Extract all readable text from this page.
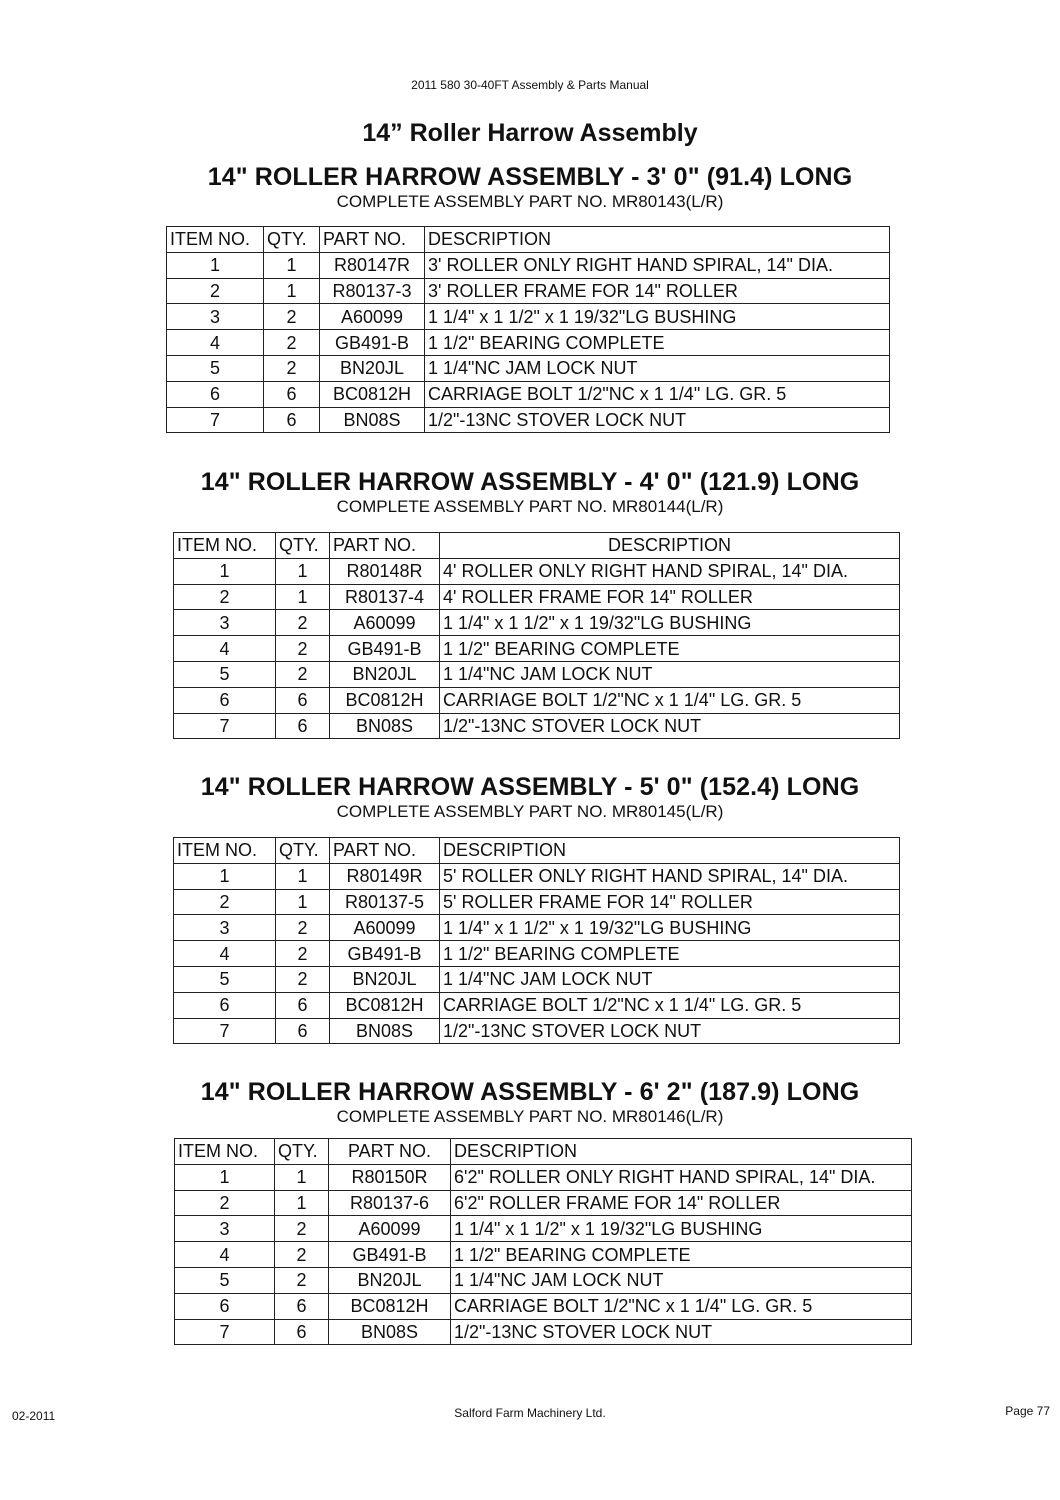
2011 580 30-40FT Assembly & Parts Manual
14” Roller Harrow Assembly
14" ROLLER HARROW ASSEMBLY - 3' 0" (91.4) LONG
COMPLETE ASSEMBLY PART NO. MR80143(L/R)
ITEM NO.	QTY.	PART NO.	DESCRIPTION
1	1	R80147R	3' ROLLER ONLY RIGHT HAND SPIRAL, 14" DIA.
2	1	R80137-3	3' ROLLER FRAME FOR 14" ROLLER
3	2	A60099	1 1/4" x 1 1/2" x 1 19/32"LG BUSHING
4	2	GB491-B	1 1/2" BEARING COMPLETE
5	2	BN20JL	1 1/4"NC JAM LOCK NUT
6	6	BC0812H	CARRIAGE BOLT 1/2"NC x 1 1/4" LG. GR. 5
7	6	BN08S	1/2"-13NC STOVER LOCK NUT
14" ROLLER HARROW ASSEMBLY - 4' 0" (121.9) LONG
COMPLETE ASSEMBLY PART NO. MR80144(L/R)
ITEM NO.	QTY.	PART NO.	DESCRIPTION
1	1	R80148R	4' ROLLER ONLY RIGHT HAND SPIRAL, 14" DIA.
2	1	R80137-4	4' ROLLER FRAME FOR 14" ROLLER
3	2	A60099	1 1/4" x 1 1/2" x 1 19/32"LG BUSHING
4	2	GB491-B	1 1/2" BEARING COMPLETE
5	2	BN20JL	1 1/4"NC JAM LOCK NUT
6	6	BC0812H	CARRIAGE BOLT 1/2"NC x 1 1/4" LG. GR. 5
7	6	BN08S	1/2"-13NC STOVER LOCK NUT
14" ROLLER HARROW ASSEMBLY - 5' 0" (152.4) LONG
COMPLETE ASSEMBLY PART NO. MR80145(L/R)
ITEM NO.	QTY.	PART NO.	DESCRIPTION
1	1	R80149R	5' ROLLER ONLY RIGHT HAND SPIRAL, 14" DIA.
2	1	R80137-5	5' ROLLER FRAME FOR 14" ROLLER
3	2	A60099	1 1/4" x 1 1/2" x 1 19/32"LG BUSHING
4	2	GB491-B	1 1/2" BEARING COMPLETE
5	2	BN20JL	1 1/4"NC JAM LOCK NUT
6	6	BC0812H	CARRIAGE BOLT 1/2"NC x 1 1/4" LG. GR. 5
7	6	BN08S	1/2"-13NC STOVER LOCK NUT
14" ROLLER HARROW ASSEMBLY - 6' 2" (187.9) LONG
COMPLETE ASSEMBLY PART NO. MR80146(L/R)
ITEM NO.	QTY.	PART NO.	DESCRIPTION
1	1	R80150R	6'2" ROLLER ONLY RIGHT HAND SPIRAL, 14" DIA.
2	1	R80137-6	6'2" ROLLER FRAME FOR 14" ROLLER
3	2	A60099	1 1/4" x 1 1/2" x 1 19/32"LG BUSHING
4	2	GB491-B	1 1/2" BEARING COMPLETE
5	2	BN20JL	1 1/4"NC JAM LOCK NUT
6	6	BC0812H	CARRIAGE BOLT 1/2"NC x 1 1/4" LG. GR. 5
7	6	BN08S	1/2"-13NC STOVER LOCK NUT
02-2011	Salford Farm Machinery Ltd.	Page 77
